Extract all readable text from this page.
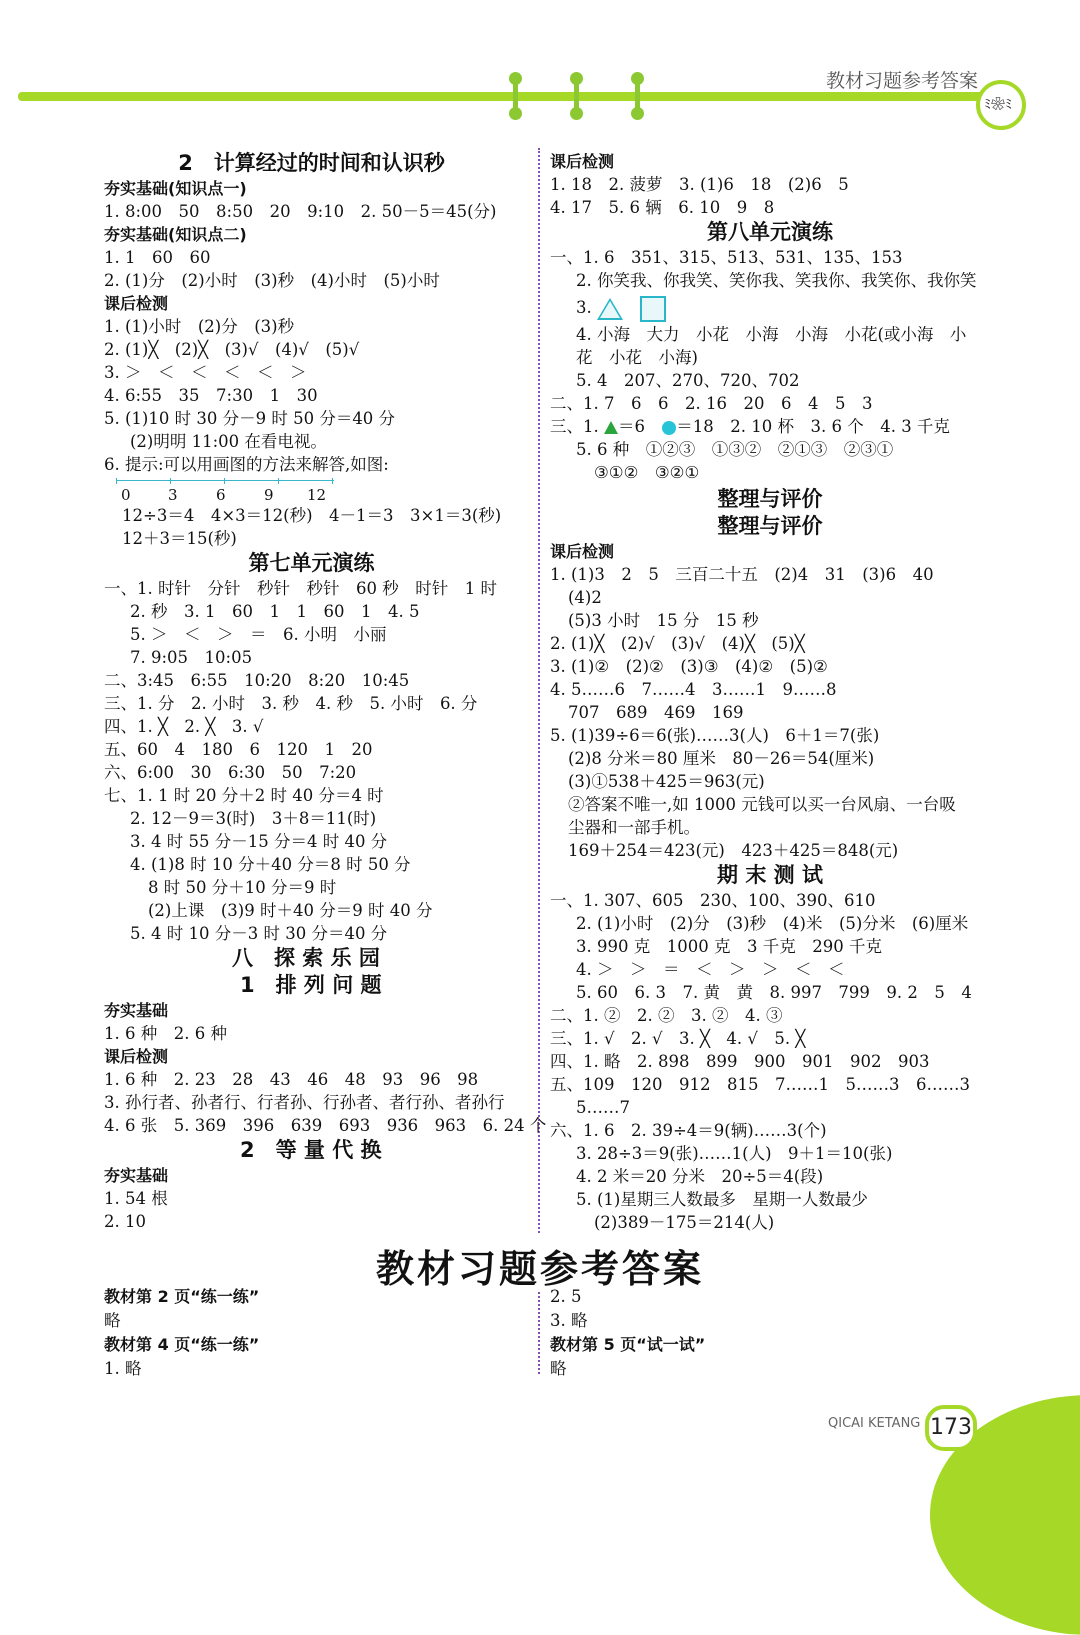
教材习题参考答案
ﾐ❀ﾐ
2　计算经过的时间和认识秒
夯实基础(知识点一)
1. 8:00　50　8:50　20　9:10　2. 50－5＝45(分)
夯实基础(知识点二)
1. 1　60　60
2. (1)分　(2)小时　(3)秒　(4)小时　(5)小时
课后检测
1. (1)小时　(2)分　(3)秒
2. (1)╳　(2)╳　(3)√　(4)√　(5)√
3. ＞　＜　＜　＜　＜　＞
4. 6:55　35　7:30　1　30
5. (1)10 时 30 分－9 时 50 分＝40 分
(2)明明 11:00 在看电视。
6. 提示:可以用画图的方法来解答,如图:
0 3	6	9 12
12÷3＝4　4×3＝12(秒)　4－1＝3　3×1＝3(秒)
12＋3＝15(秒)
第七单元演练
一、1. 时针　分针　秒针　秒针　60 秒　时针　1 时
2. 秒　3. 1　60　1　1　60　1　4. 5
5. ＞　＜　＞　＝　6. 小明　小丽
7. 9:05　10:05
二、3:45　6:55　10:20　8:20　10:45
三、1. 分　2. 小时　3. 秒　4. 秒　5. 小时　6. 分
四、1. ╳　2. ╳　3. √
五、60　4　180　6　120　1　20
六、6:00　30　6:30　50　7:20
七、1. 1 时 20 分＋2 时 40 分＝4 时
2. 12－9＝3(时)　3＋8＝11(时)
3. 4 时 55 分－15 分＝4 时 40 分
4. (1)8 时 10 分＋40 分＝8 时 50 分
8 时 50 分＋10 分＝9 时
(2)上课　(3)9 时＋40 分＝9 时 40 分
5. 4 时 10 分－3 时 30 分＝40 分
八　探 索 乐 园
1　排 列 问 题
夯实基础
1. 6 种　2. 6 种
课后检测
1. 6 种　2. 23　28　43　46　48　93　96　98
3. 孙行者、孙者行、行者孙、行孙者、者行孙、者孙行
4. 6 张　5. 369　396　639　693　936　963　6. 24 个
2　等 量 代 换
夯实基础
1. 54 根
2. 10
课后检测
1. 18　2. 菠萝　3. (1)6　18　(2)6　5
4. 17　5. 6 辆　6. 10　9　8
第八单元演练
一、1. 6　351、315、513、531、135、153
2. 你笑我、你我笑、笑你我、笑我你、我笑你、我你笑
3.
4. 小海　大力　小花　小海　小海　小花(或小海　小
花　小花　小海)
5. 4　207、270、720、702
二、1. 7　6　6　2. 16　20　6　4　5　3
三、1. ＝6 ＝18　2. 10 杯　3. 6 个　4. 3 千克
5. 6 种　①②③　①③②　②①③　②③①
③①②　③②①
整理与评价
整理与评价
课后检测
1. (1)3　2　5　三百二十五　(2)4　31　(3)6　40
(4)2
(5)3 小时　15 分　15 秒
2. (1)╳　(2)√　(3)√　(4)╳　(5)╳
3. (1)②　(2)②　(3)③　(4)②　(5)②
4. 5……6　7……4　3……1　9……8
707　689　469　169
5. (1)39÷6＝6(张)……3(人)　6＋1＝7(张)
(2)8 分米＝80 厘米　80－26＝54(厘米)
(3)①538＋425＝963(元)
②答案不唯一,如 1000 元钱可以买一台风扇、一台吸
尘器和一部手机。
169＋254＝423(元)　423＋425＝848(元)
期 末 测 试
一、1. 307、605　230、100、390、610
2. (1)小时　(2)分　(3)秒　(4)米　(5)分米　(6)厘米
3. 990 克　1000 克　3 千克　290 千克
4. ＞　＞　＝　＜　＞　＞　＜　＜
5. 60　6. 3　7. 黄　黄　8. 997　799　9. 2　5　4
二、1. ②　2. ②　3. ②　4. ③
三、1. √　2. √　3. ╳　4. √　5. ╳
四、1. 略　2. 898　899　900　901　902　903
五、109　120　912　815　7……1　5……3　6……3
5……7
六、1. 6　2. 39÷4＝9(辆)……3(个)
3. 28÷3＝9(张)……1(人)　9＋1＝10(张)
4. 2 米＝20 分米　20÷5＝4(段)
5. (1)星期三人数最多　星期一人数最少
(2)389－175＝214(人)
教材习题参考答案
教材第 2 页“练一练”
略
教材第 4 页“练一练”
1. 略
2. 5
3. 略
教材第 5 页“试一试”
略
QICAI KETANG 173
